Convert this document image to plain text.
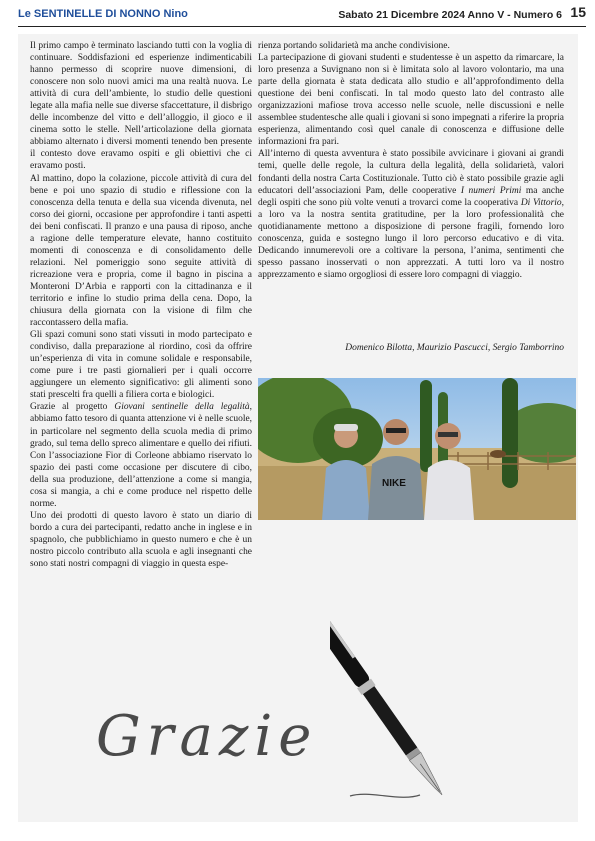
Le SENTINELLE DI NONNO Nino	Sabato 21 Dicembre 2024 Anno V - Numero 6 15

Il primo campo è terminato lasciando tutti con la voglia di continuare. Soddisfazioni ed esperienze indimenticabili hanno permesso di scoprire nuove dimensioni, di conoscere non solo nuovi amici ma una realtà nuova. Le attività di cura dell’ambiente, lo studio delle questioni legate alla mafia nelle sue diverse sfaccettature, il disbrigo delle incombenze del vitto e dell’alloggio, il gioco e il cinema sotto le stelle. Nell’articolazione della giornata abbiamo alternato i diversi momenti tenendo ben presente il contesto dove eravamo ospiti e gli obiettivi che ci eravamo posti.

Al mattino, dopo la colazione, piccole attività di cura del bene e poi uno spazio di studio e riflessione con la conoscenza della tenuta e della sua vicenda divenuta, nel corso dei giorni, occasione per approfondire i tanti aspetti dei beni confiscati. Il pranzo e una pausa di riposo, anche a ragione delle temperature elevate, hanno costituito momenti di conoscenza e di consolidamento delle relazioni. Nel pomeriggio sono seguite attività di ricreazione vera e propria, come il bagno in piscina a Monteroni D’Arbia e rapporti con la cittadinanza e il territorio e infine lo studio prima della cena. Dopo, la chiusura della giornata con la visione di film che raccontassero della mafia.

Gli spazi comuni sono stati vissuti in modo partecipato e condiviso, dalla preparazione al riordino, così da offrire un’esperienza di vita in comune solidale e responsabile, come pure i tre pasti giornalieri per i quali occorre aggiungere un elemento significativo: gli alimenti sono stati prescelti fra quelli a filiera corta e biologici.

Grazie al progetto Giovani sentinelle della legalità, abbiamo fatto tesoro di quanta attenzione vi è nelle scuole, in particolare nel segmento della scuola media di primo grado, sul tema dello spreco alimentare e quello dei rifiuti. Con l’associazione Fior di Corleone abbiamo riservato lo spazio dei pasti come occasione per discutere di cibo, della sua produzione, dell’attenzione a come si mangia, cosa si mangia, a chi e come produce nel rispetto delle norme.

Uno dei prodotti di questo lavoro è stato un diario di bordo a cura dei partecipanti, redatto anche in inglese e in spagnolo, che pubblichiamo in questo numero e che è un nostro piccolo contributo alla scuola e agli insegnanti che sono stati nostri compagni di viaggio in questa espe-

rienza portando solidarietà ma anche condivisione.

La partecipazione di giovani studenti e studentesse è un aspetto da rimarcare, la loro presenza a Suvignano non si è limitata solo al lavoro volontario, ma una parte della giornata è stata dedicata allo studio e all’approfondimento della questione dei beni confiscati. In tal modo questo lato del contrasto alle organizzazioni mafiose trova accesso nelle scuole, nelle discussioni e nelle assemblee studentesche alle quali i giovani si sono impegnati a riferire la propria esperienza, alimentando così quel canale di conoscenza e diffusione delle informazioni fra pari.

All’interno di questa avventura è stato possibile avvicinare i giovani ai grandi temi, quelle delle regole, la cultura della legalità, della solidarietà, valori fondanti della nostra Carta Costituzionale. Tutto ciò è stato possibile grazie agli educatori dell’associazioni Pam, delle cooperative I numeri Primi ma anche degli ospiti che sono più volte venuti a trovarci come la cooperativa Di Vittorio, a loro va la nostra sentita gratitudine, per la loro professionalità che quotidianamente mettono a disposizione di persone fragili, fornendo loro conoscenza, guida e sostegno lungo il loro percorso educativo e di vita. Dedicando innumerevoli ore a coltivare la persona, l’anima, sentimenti che spesso passano inosservati o non apprezzati. A tutti loro va il nostro apprezzamento e siamo orgogliosi di essere loro compagni di viaggio.

Domenico Bilotta, Maurizio Pascucci, Sergio Tamborrino
NIKE
Grazie
